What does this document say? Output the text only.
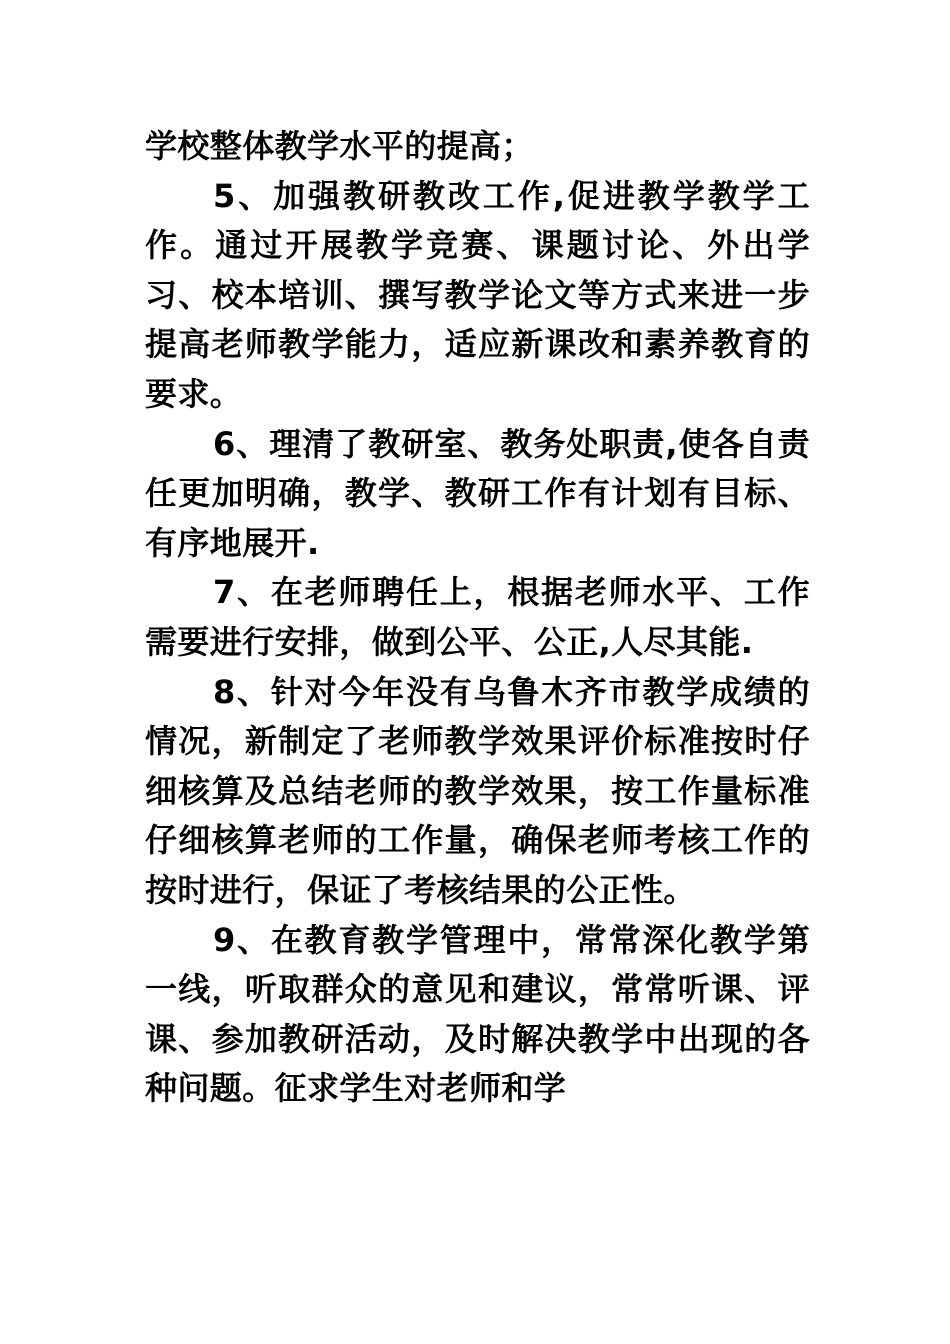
学校整体教学水平的提高；

5、加强教研教改工作,促进教学教学工作。通过开展教学竞赛、课题讨论、外出学习、校本培训、撰写教学论文等方式来进一步提高老师教学能力，适应新课改和素养教育的要求。

6、理清了教研室、教务处职责,使各自责任更加明确，教学、教研工作有计划有目标、有序地展开.

7、在老师聘任上，根据老师水平、工作需要进行安排，做到公平、公正,人尽其能.

8、针对今年没有乌鲁木齐市教学成绩的情况，新制定了老师教学效果评价标准按时仔细核算及总结老师的教学效果，按工作量标准仔细核算老师的工作量，确保老师考核工作的按时进行，保证了考核结果的公正性。

9、在教育教学管理中，常常深化教学第一线，听取群众的意见和建议，常常听课、评课、参加教研活动，及时解决教学中出现的各种问题。征求学生对老师和学
